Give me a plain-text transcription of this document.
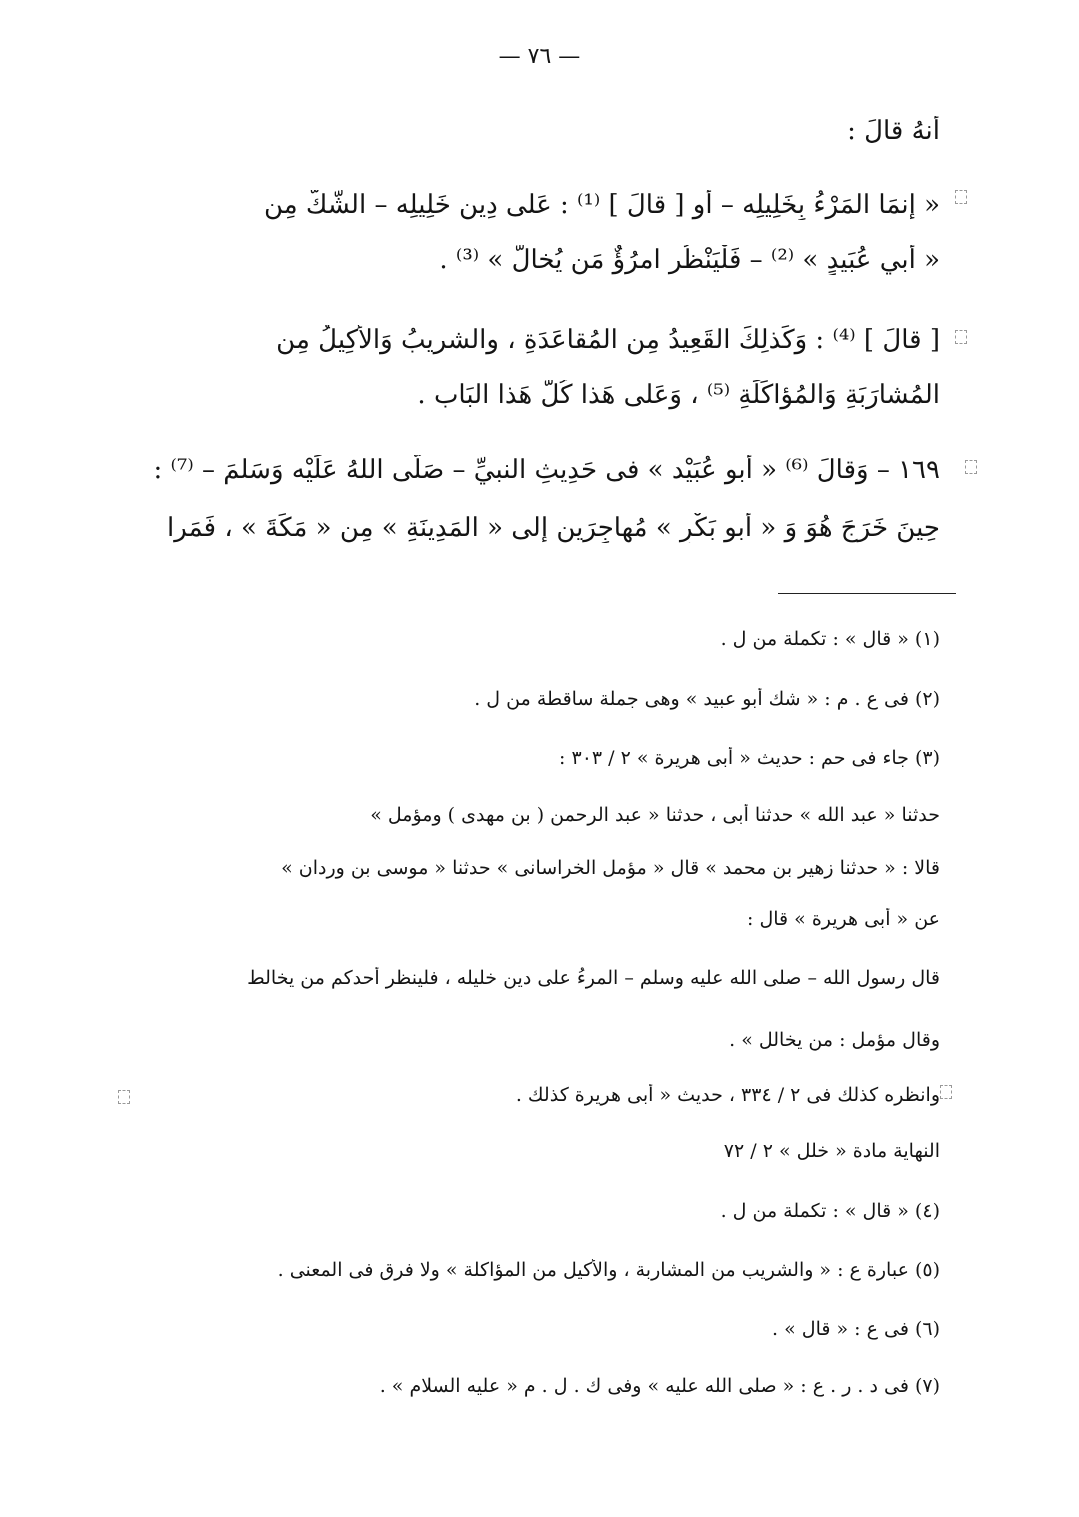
— ٧٦ —
أنهُ قالَ :
« إنمَا المَرْءُ بِخَلِيلِه – أو [ قالَ ] ⁽¹⁾ : عَلى دِينِ خَلِيلِه – الشَّكُّ مِن
« أبي عُبَيدٍ » ⁽²⁾ – فَلْيَنْظُر امرُؤٌ مَن يُخالّ » ⁽³⁾ .
[ قالَ ] ⁽⁴⁾ : وَكَذلِكَ القَعِيدُ مِن المُقاعَدَةِ ، والشرِيبُ وَالأَكِيلُ مِن
المُشارَبَةِ وَالمُؤاكَلَةِ ⁽⁵⁾ ، وَعَلى هَذا كُلُّ هَذا البَاب .
١٦٩ – وَقالَ ⁽⁶⁾ « أبو عُبَيْد » فى حَدِيثِ النبيِّ – صَلّى اللهُ عَلَيْه وَسَلمَ – ⁽⁷⁾ :
حِينَ خَرَجَ هُوَ وَ « أبو بَكْرٍ » مُهاجِرَينِ إلى « المَدِينَةِ » مِن « مَكَةَ » ، فَمَرا
(١) « قال » : تكملة من ل .
(٢) فى ع . م : « شك أبو عبيد » وهى جملة ساقطة من ل .
(٣) جاء فى حم : حديث « أبى هريرة » ٢ / ٣٠٣ :
حدثنا « عبد الله » حدثنا أبى ، حدثنا « عبد الرحمن ( بن مهدى ) ومؤمل »
قالا : « حدثنا زهير بن محمد » قال « مؤمل الخراسانى » حدثنا « موسى بن وردان »
عن « أبى هريرة » قال :
قال رسول الله – صلى الله عليه وسلم – المرءُ على دين خليله ، فلينظر أحدكم من يخالط
وقال مؤمل : من يخالل » .
وانظره كذلك فى ٢ / ٣٣٤ ، حديث « أبى هريرة كذلك .
النهاية مادة « خلل » ٢ / ٧٢
(٤) « قال » : تكملة من ل .
(٥) عبارة ع : « والشريب من المشاربة ، والأكيل من المؤاكلة » ولا فرق فى المعنى .
(٦) فى ع : « قال » .
(٧) فى د . ر . ع : « صلى الله عليه » وفى ك . ل . م « عليه السلام » .
